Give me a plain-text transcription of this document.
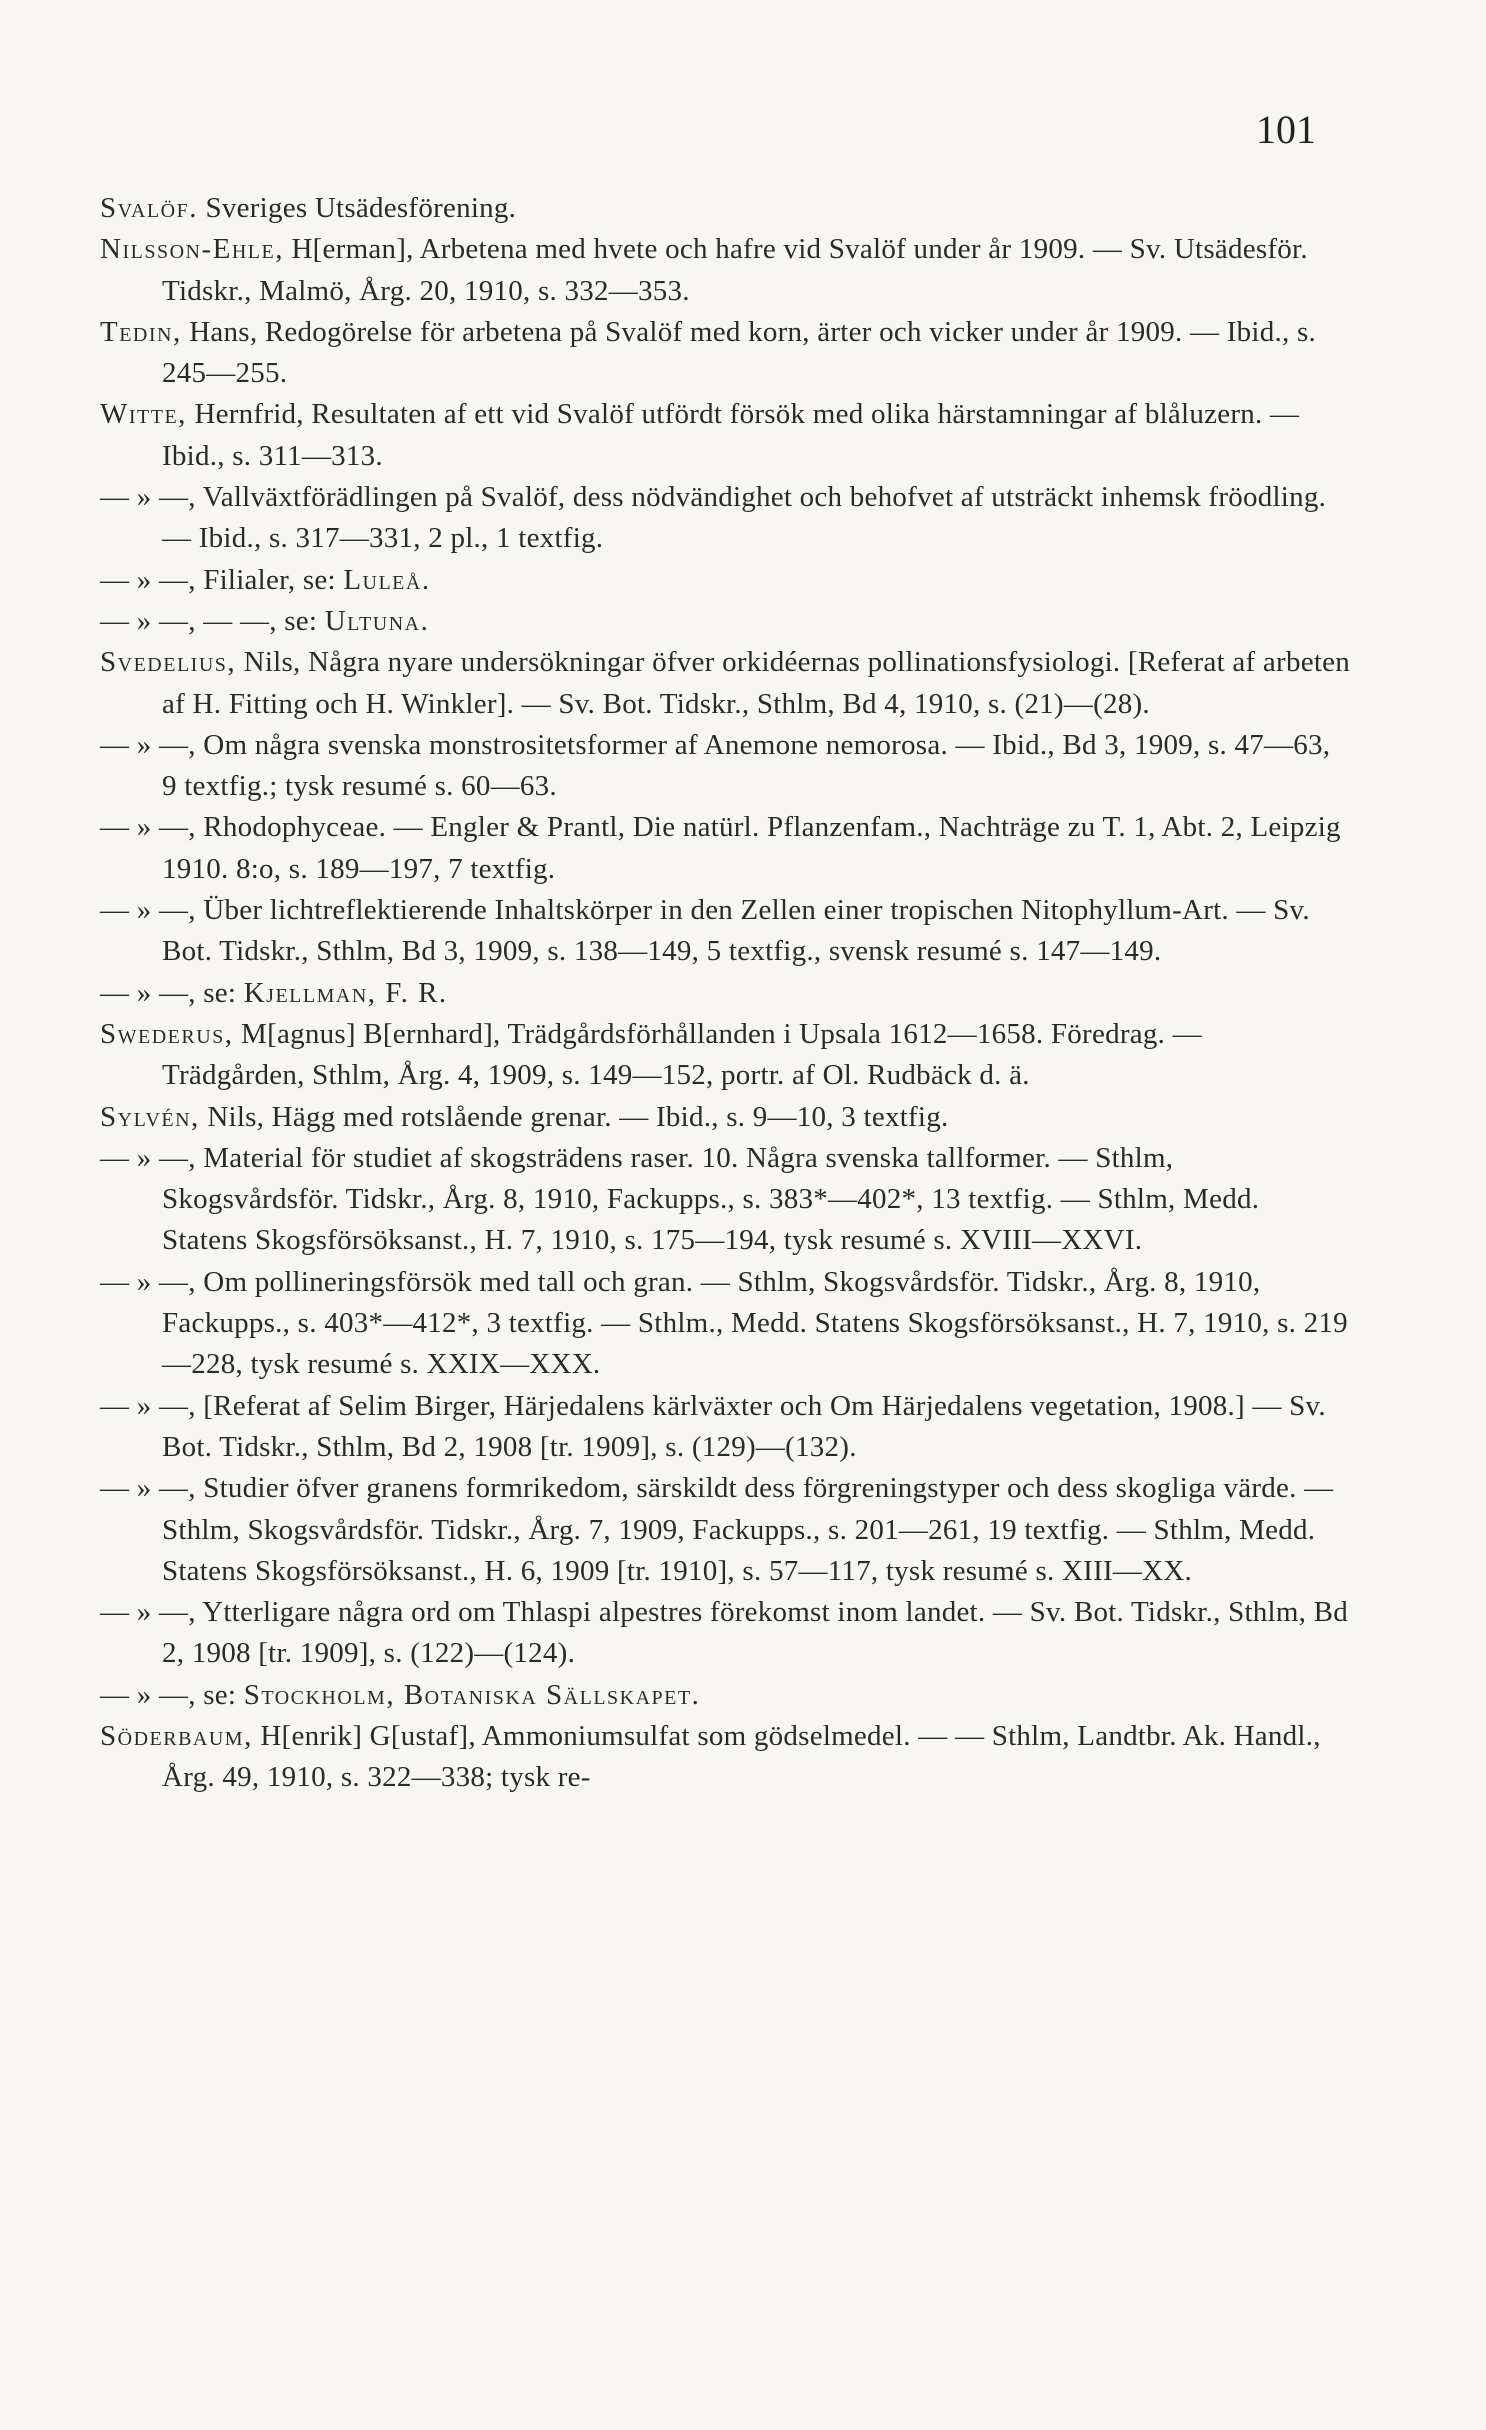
101

Svalöf. Sveriges Utsädesförening.

Nilsson-Ehle, H[erman], Arbetena med hvete och hafre vid Svalöf under år 1909. — Sv. Utsädesför. Tidskr., Malmö, Årg. 20, 1910, s. 332—353.

Tedin, Hans, Redogörelse för arbetena på Svalöf med korn, ärter och vicker under år 1909. — Ibid., s. 245—255.

Witte, Hernfrid, Resultaten af ett vid Svalöf utfördt försök med olika härstamningar af blåluzern. — Ibid., s. 311—313.

— » —, Vallväxtförädlingen på Svalöf, dess nödvändighet och behofvet af utsträckt inhemsk fröodling. — Ibid., s. 317—331, 2 pl., 1 textfig.

— » —, Filialer, se: Luleå.

— » —, — —, se: Ultuna.

Svedelius, Nils, Några nyare undersökningar öfver orkidéernas pollinationsfysiologi. [Referat af arbeten af H. Fitting och H. Winkler]. — Sv. Bot. Tidskr., Sthlm, Bd 4, 1910, s. (21)—(28).

— » —, Om några svenska monstrositetsformer af Anemone nemorosa. — Ibid., Bd 3, 1909, s. 47—63, 9 textfig.; tysk resumé s. 60—63.

— » —, Rhodophyceae. — Engler & Prantl, Die natürl. Pflanzenfam., Nachträge zu T. 1, Abt. 2, Leipzig 1910. 8:o, s. 189—197, 7 textfig.

— » —, Über lichtreflektierende Inhaltskörper in den Zellen einer tropischen Nitophyllum-Art. — Sv. Bot. Tidskr., Sthlm, Bd 3, 1909, s. 138—149, 5 textfig., svensk resumé s. 147—149.

— » —, se: Kjellman, F. R.

Swederus, M[agnus] B[ernhard], Trädgårdsförhållanden i Upsala 1612—1658. Föredrag. — Trädgården, Sthlm, Årg. 4, 1909, s. 149—152, portr. af Ol. Rudbäck d. ä.

Sylvén, Nils, Hägg med rotslående grenar. — Ibid., s. 9—10, 3 textfig.

— » —, Material för studiet af skogsträdens raser. 10. Några svenska tallformer. — Sthlm, Skogsvårdsför. Tidskr., Årg. 8, 1910, Fackupps., s. 383*—402*, 13 textfig. — Sthlm, Medd. Statens Skogsförsöksanst., H. 7, 1910, s. 175—194, tysk resumé s. XVIII—XXVI.

— » —, Om pollineringsförsök med tall och gran. — Sthlm, Skogsvårdsför. Tidskr., Årg. 8, 1910, Fackupps., s. 403*—412*, 3 textfig. — Sthlm., Medd. Statens Skogsförsöksanst., H. 7, 1910, s. 219—228, tysk resumé s. XXIX—XXX.

— » —, [Referat af Selim Birger, Härjedalens kärlväxter och Om Härjedalens vegetation, 1908.] — Sv. Bot. Tidskr., Sthlm, Bd 2, 1908 [tr. 1909], s. (129)—(132).

— » —, Studier öfver granens formrikedom, särskildt dess förgreningstyper och dess skogliga värde. — Sthlm, Skogsvårdsför. Tidskr., Årg. 7, 1909, Fackupps., s. 201—261, 19 textfig. — Sthlm, Medd. Statens Skogsförsöksanst., H. 6, 1909 [tr. 1910], s. 57—117, tysk resumé s. XIII—XX.

— » —, Ytterligare några ord om Thlaspi alpestres förekomst inom landet. — Sv. Bot. Tidskr., Sthlm, Bd 2, 1908 [tr. 1909], s. (122)—(124).

— » —, se: Stockholm, Botaniska Sällskapet.

Söderbaum, H[enrik] G[ustaf], Ammoniumsulfat som gödselmedel. — — Sthlm, Landtbr. Ak. Handl., Årg. 49, 1910, s. 322—338; tysk re-
